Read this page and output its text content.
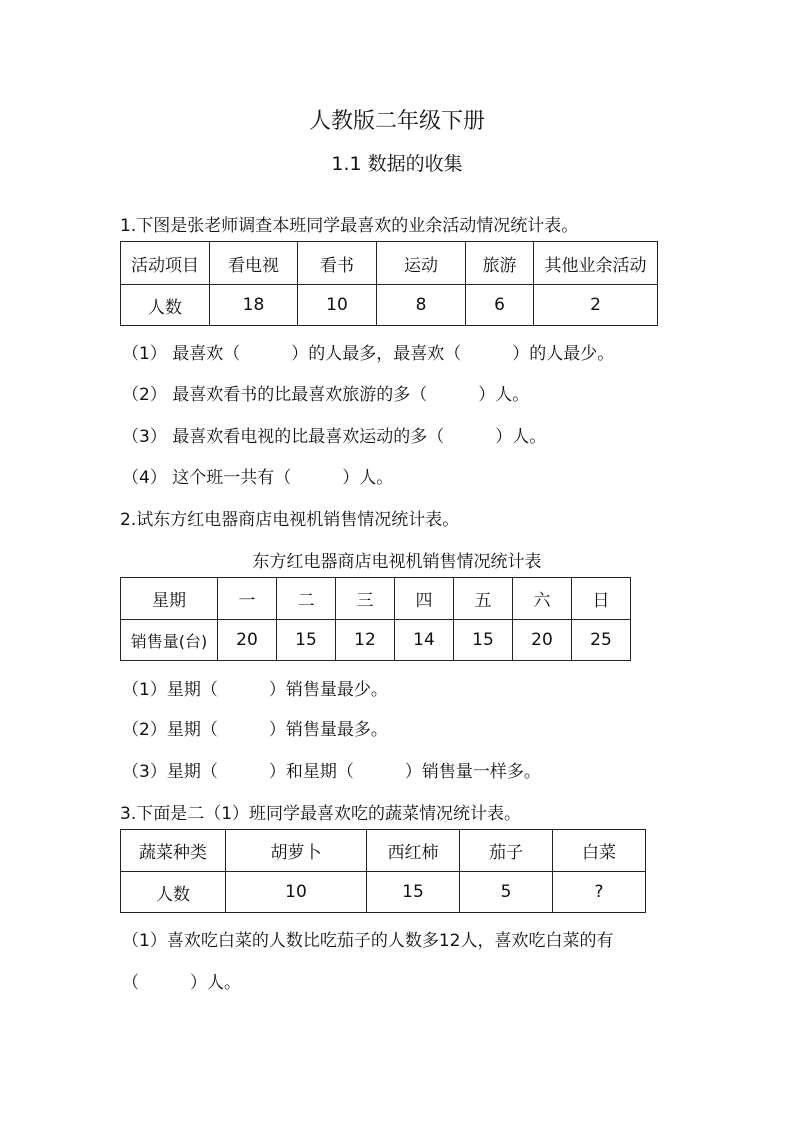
人教版二年级下册
1.1 数据的收集
1.下图是张老师调查本班同学最喜欢的业余活动情况统计表。
活动项目	看电视	看书	运动	旅游	其他业余活动
人数	18	10	8	6	2
（1） 最喜欢（　　　）的人最多，最喜欢（　　　）的人最少。
（2） 最喜欢看书的比最喜欢旅游的多（　　　）人。
（3） 最喜欢看电视的比最喜欢运动的多（　　　）人。
（4） 这个班一共有（　　　）人。
2.试东方红电器商店电视机销售情况统计表。
东方红电器商店电视机销售情况统计表
星期	一	二	三	四	五	六	日
销售量(台)	20	15	12	14	15	20	25
（1）星期（　　　）销售量最少。
（2）星期（　　　）销售量最多。
（3）星期（　　　）和星期（　　　）销售量一样多。
3.下面是二（1）班同学最喜欢吃的蔬菜情况统计表。
蔬菜种类	胡萝卜	西红柿	茄子	白菜
人数	10	15	5	?
（1）喜欢吃白菜的人数比吃茄子的人数多12人，喜欢吃白菜的有
（　　　）人。
